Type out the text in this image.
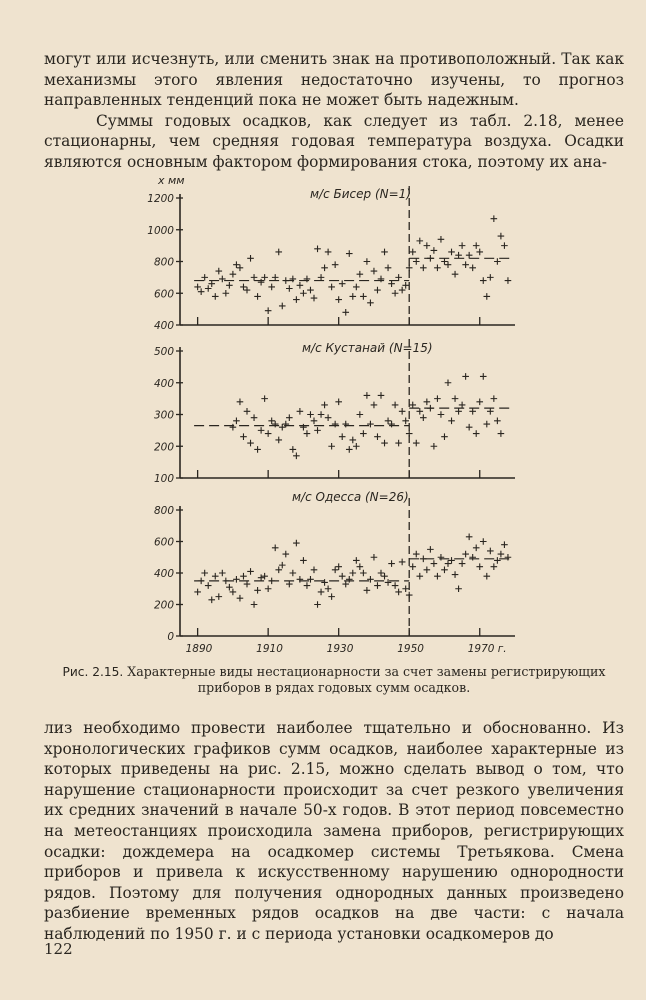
могут или исчезнуть, или сменить знак на противоположный. Так как механизмы этого явления недостаточно изучены, то прогноз направленных тенденций пока не может быть надежным.

Суммы годовых осадков, как следует из табл. 2.18, менее стационарны, чем средняя годовая температура воздуха. Осадки являются основным фактором формирования стока, поэтому их ана-

1200
1000
800
600
400
м/с Бисер (N=1)
x мм
500
400
300
200
100
м/с Кустанай (N=15)
800
600
400
200
0
м/с Одесса (N=26)
1890	1910	1930	1950	1970 г.
Рис. 2.15. Характерные виды нестационарности за счет замены регистрирующих приборов в рядах годовых сумм осадков.

лиз необходимо провести наиболее тщательно и обоснованно. Из хронологических графиков сумм осадков, наиболее характерные из которых приведены на рис. 2.15, можно сделать вывод о том, что нарушение стационарности происходит за счет резкого увеличения их средних значений в начале 50-х годов. В этот период повсеместно на метеостанциях происходила замена приборов, регистрирующих осадки: дождемера на осадкомер системы Третьякова. Смена приборов и привела к искусственному нарушению однородности рядов. Поэтому для получения однородных данных произведено разбиение временных рядов осадков на две части: с начала наблюдений по 1950 г. и с периода установки осадкомеров до

122
